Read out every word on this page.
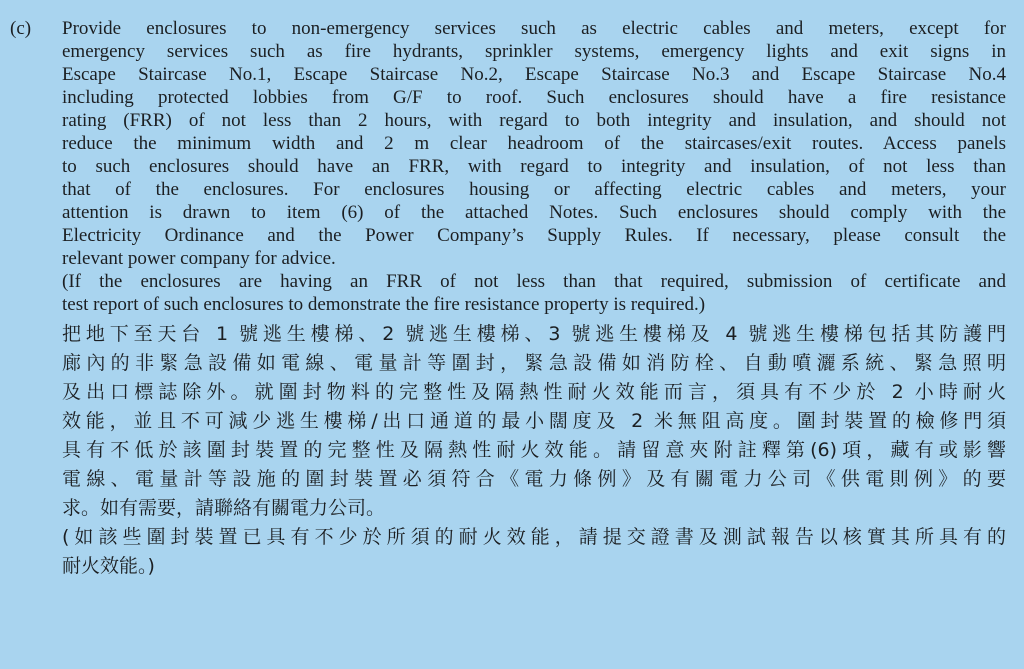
(c) Provide enclosures to non-emergency services such as electric cables and meters, except for
emergency services such as fire hydrants, sprinkler systems, emergency lights and exit signs in
Escape Staircase No.1, Escape Staircase No.2, Escape Staircase No.3 and Escape Staircase No.4
including protected lobbies from G/F to roof. Such enclosures should have a fire resistance
rating (FRR) of not less than 2 hours, with regard to both integrity and insulation, and should not
reduce the minimum width and 2 m clear headroom of the staircases/exit routes. Access panels
to such enclosures should have an FRR, with regard to integrity and insulation, of not less than
that of the enclosures. For enclosures housing or affecting electric cables and meters, your
attention is drawn to item (6) of the attached Notes. Such enclosures should comply with the
Electricity Ordinance and the Power Company’s Supply Rules. If necessary, please consult the
relevant power company for advice.
(If the enclosures are having an FRR of not less than that required, submission of certificate and
test report of such enclosures to demonstrate the fire resistance property is required.)
把地下至天台 1 號逃生樓梯、2 號逃生樓梯、3 號逃生樓梯及 4 號逃生樓梯包括其防護門
廊內的非緊急設備如電線、電量計等圍封，緊急設備如消防栓、自動噴灑系統、緊急照明
及出口標誌除外。就圍封物料的完整性及隔熱性耐火效能而言，須具有不少於 2 小時耐火
效能，並且不可減少逃生樓梯/出口通道的最小闊度及 2 米無阻高度。圍封裝置的檢修門須
具有不低於該圍封裝置的完整性及隔熱性耐火效能。請留意夾附註釋第(6)項，藏有或影響
電線、電量計等設施的圍封裝置必須符合《電力條例》及有關電力公司《供電則例》的要
求。如有需要，請聯絡有關電力公司。
(如該些圍封裝置已具有不少於所須的耐火效能，請提交證書及測試報告以核實其所具有的
耐火效能。)
